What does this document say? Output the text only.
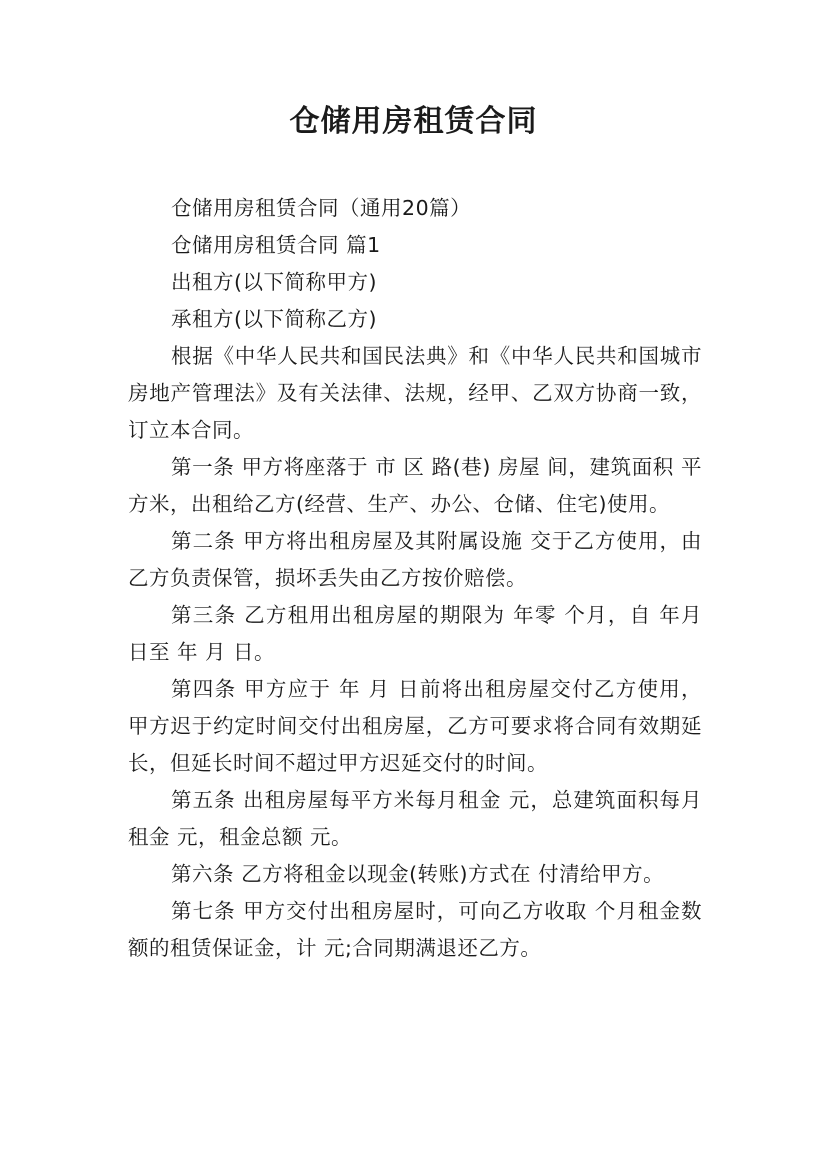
仓储用房租赁合同

仓储用房租赁合同（通用20篇）

仓储用房租赁合同 篇1

出租方(以下简称甲方)

承租方(以下简称乙方)

根据《中华人民共和国民法典》和《中华人民共和国城市房地产管理法》及有关法律、法规，经甲、乙双方协商一致，订立本合同。

第一条 甲方将座落于 市 区 路(巷) 房屋 间，建筑面积 平方米，出租给乙方(经营、生产、办公、仓储、住宅)使用。

第二条 甲方将出租房屋及其附属设施 交于乙方使用，由乙方负责保管，损坏丢失由乙方按价赔偿。

第三条 乙方租用出租房屋的期限为 年零 个月，自 年月 日至 年 月 日。

第四条 甲方应于 年 月 日前将出租房屋交付乙方使用，甲方迟于约定时间交付出租房屋，乙方可要求将合同有效期延长，但延长时间不超过甲方迟延交付的时间。

第五条 出租房屋每平方米每月租金 元，总建筑面积每月租金 元，租金总额 元。

第六条 乙方将租金以现金(转账)方式在 付清给甲方。

第七条 甲方交付出租房屋时，可向乙方收取 个月租金数额的租赁保证金，计 元;合同期满退还乙方。
